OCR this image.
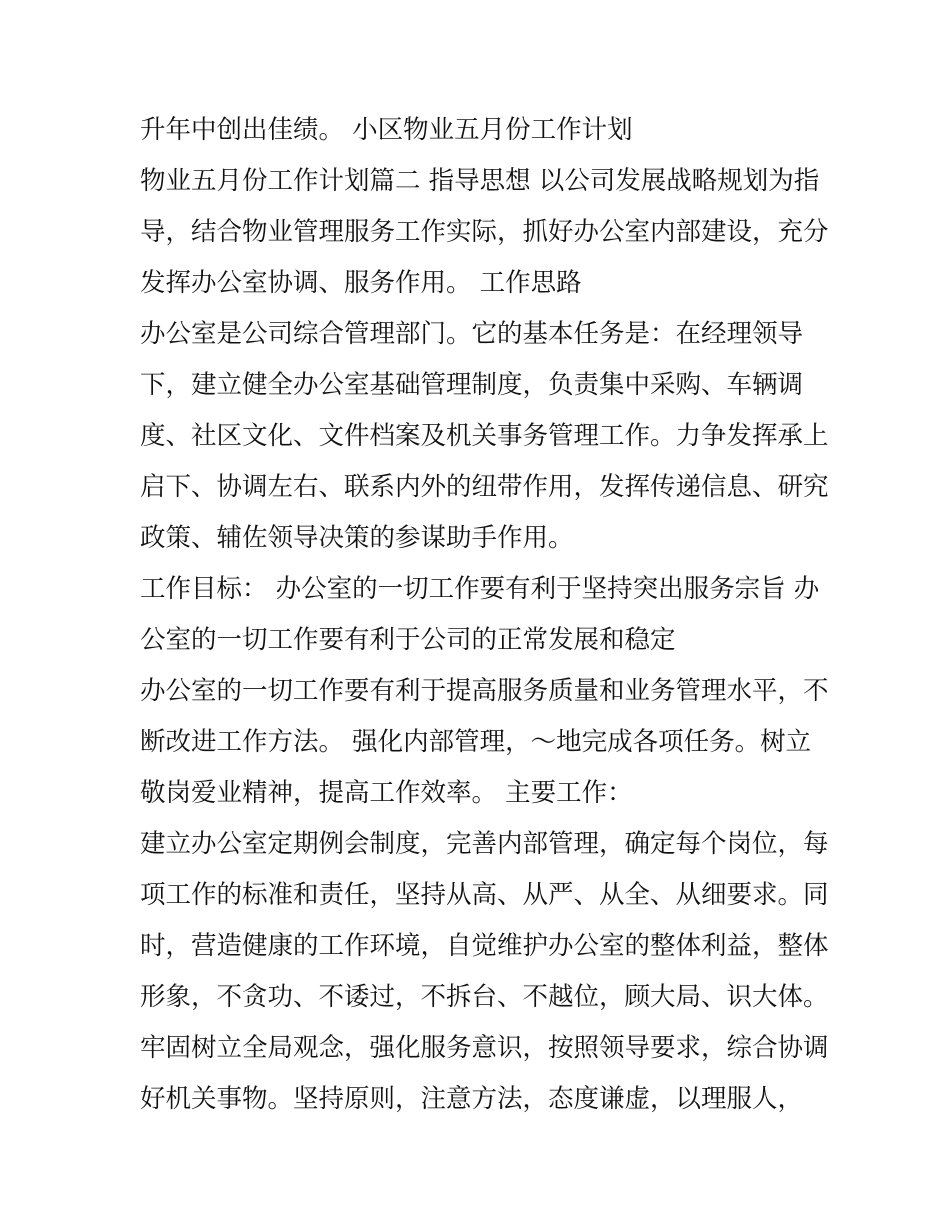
升年中创出佳绩。 小区物业五月份工作计划
物业五月份工作计划篇二 指导思想 以公司发展战略规划为指
导，结合物业管理服务工作实际，抓好办公室内部建设，充分
发挥办公室协调、服务作用。 工作思路
办公室是公司综合管理部门。它的基本任务是：在经理领导
下，建立健全办公室基础管理制度，负责集中采购、车辆调
度、社区文化、文件档案及机关事务管理工作。力争发挥承上
启下、协调左右、联系内外的纽带作用，发挥传递信息、研究
政策、辅佐领导决策的参谋助手作用。
工作目标： 办公室的一切工作要有利于坚持突出服务宗旨 办
公室的一切工作要有利于公司的正常发展和稳定
办公室的一切工作要有利于提高服务质量和业务管理水平，不
断改进工作方法。 强化内部管理，～地完成各项任务。树立
敬岗爱业精神，提高工作效率。 主要工作：
建立办公室定期例会制度，完善内部管理，确定每个岗位，每
项工作的标准和责任，坚持从高、从严、从全、从细要求。同
时，营造健康的工作环境，自觉维护办公室的整体利益，整体
形象，不贪功、不诿过，不拆台、不越位，顾大局、识大体。
牢固树立全局观念，强化服务意识，按照领导要求，综合协调
好机关事物。坚持原则，注意方法，态度谦虚，以理服人，
